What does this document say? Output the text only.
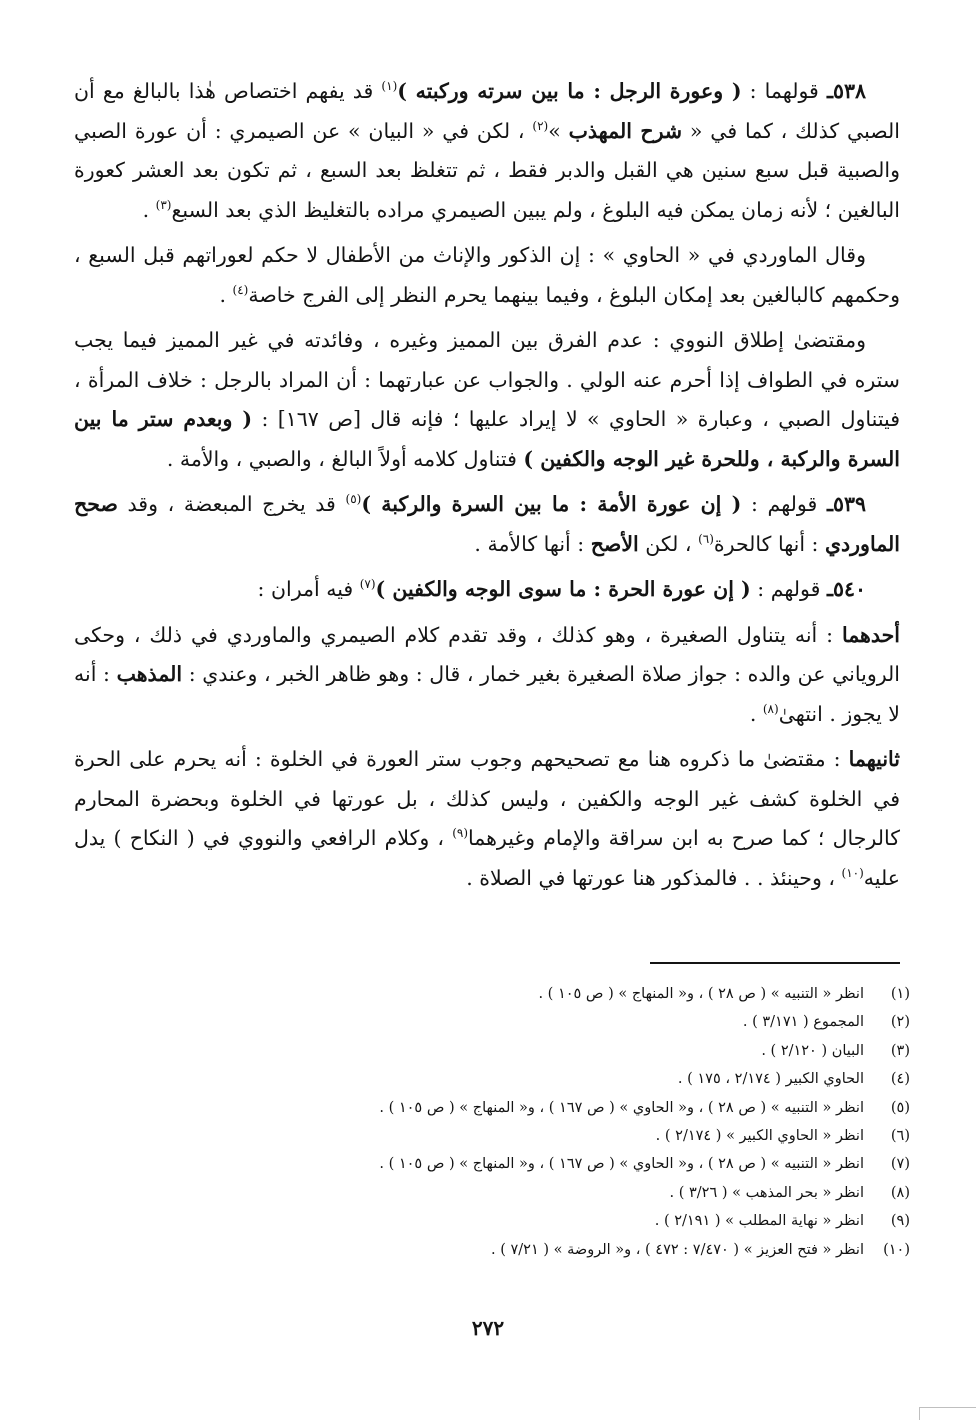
٥٣٨ـ قولهما : ( وعورة الرجل : ما بين سرته وركبته )$^{(١)}$ قد يفهم اختصاص هٰذا بالبالغ مع أن الصبي كذلك ، كما في « شرح المهذب »$^{(٢)}$ ، لكن في « البيان » عن الصيمري : أن عورة الصبي والصبية قبل سبع سنين هي القبل والدبر فقط ، ثم تتغلظ بعد السبع ، ثم تكون بعد العشر كعورة البالغين ؛ لأنه زمان يمكن فيه البلوغ ، ولم يبين الصيمري مراده بالتغليظ الذي بعد السبع$^{(٣)}$ .

وقال الماوردي في « الحاوي » : إن الذكور والإناث من الأطفال لا حكم لعوراتهم قبل السبع ، وحكمهم كالبالغين بعد إمكان البلوغ ، وفيما بينهما يحرم النظر إلى الفرج خاصة$^{(٤)}$ .

ومقتضىٰ إطلاق النووي : عدم الفرق بين المميز وغيره ، وفائدته في غير المميز فيما يجب ستره في الطواف إذا أحرم عنه الولي . والجواب عن عبارتهما : أن المراد بالرجل : خلاف المرأة ، فيتناول الصبي ، وعبارة « الحاوي » لا إيراد عليها ؛ فإنه قال [ص ١٦٧] : ( وبعدم ستر ما بين السرة والركبة ، وللحرة غير الوجه والكفين ) فتناول كلامه أولاً البالغ ، والصبي ، والأمة .

٥٣٩ـ قولهم : ( إن عورة الأمة : ما بين السرة والركبة )$^{(٥)}$ قد يخرج المبعضة ، وقد صحح الماوردي : أنها كالحرة$^{(٦)}$ ، لكن الأصح : أنها كالأمة .

٥٤٠ـ قولهم : ( إن عورة الحرة : ما سوى الوجه والكفين )$^{(٧)}$ فيه أمران :

أحدهما : أنه يتناول الصغيرة ، وهو كذلك ، وقد تقدم كلام الصيمري والماوردي في ذلك ، وحكى الروياني عن والده : جواز صلاة الصغيرة بغير خمار ، قال : وهو ظاهر الخبر ، وعندي : المذهب : أنه لا يجوز . انتهىٰ$^{(٨)}$ .

ثانيهما : مقتضىٰ ما ذكروه هنا مع تصحيحهم وجوب ستر العورة في الخلوة : أنه يحرم على الحرة في الخلوة كشف غير الوجه والكفين ، وليس كذلك ، بل عورتها في الخلوة وبحضرة المحارم كالرجال ؛ كما صرح به ابن سراقة والإمام وغيرهما$^{(٩)}$ ، وكلام الرافعي والنووي في ( النكاح ) يدل عليه$^{(١٠)}$ ، وحينئذ . . فالمذكور هنا عورتها في الصلاة .

(١)
انظر « التنبيه » ( ص ٢٨ ) ، و« المنهاج » ( ص ١٠٥ ) .
(٢)
المجموع ( ٣/١٧١ ) .
(٣)
البيان ( ٢/١٢٠ ) .
(٤)
الحاوي الكبير ( ٢/١٧٤ ، ١٧٥ ) .
(٥)
انظر « التنبيه » ( ص ٢٨ ) ، و« الحاوي » ( ص ١٦٧ ) ، و« المنهاج » ( ص ١٠٥ ) .
(٦)
انظر « الحاوي الكبير » ( ٢/١٧٤ ) .
(٧)
انظر « التنبيه » ( ص ٢٨ ) ، و« الحاوي » ( ص ١٦٧ ) ، و« المنهاج » ( ص ١٠٥ ) .
(٨)
انظر « بحر المذهب » ( ٣/٢٦ ) .
(٩)
انظر « نهاية المطلب » ( ٢/١٩١ ) .
(١٠)
انظر « فتح العزيز » ( ٧/٤٧٠ : ٤٧٢ ) ، و« الروضة » ( ٧/٢١ ) .
٢٧٢
